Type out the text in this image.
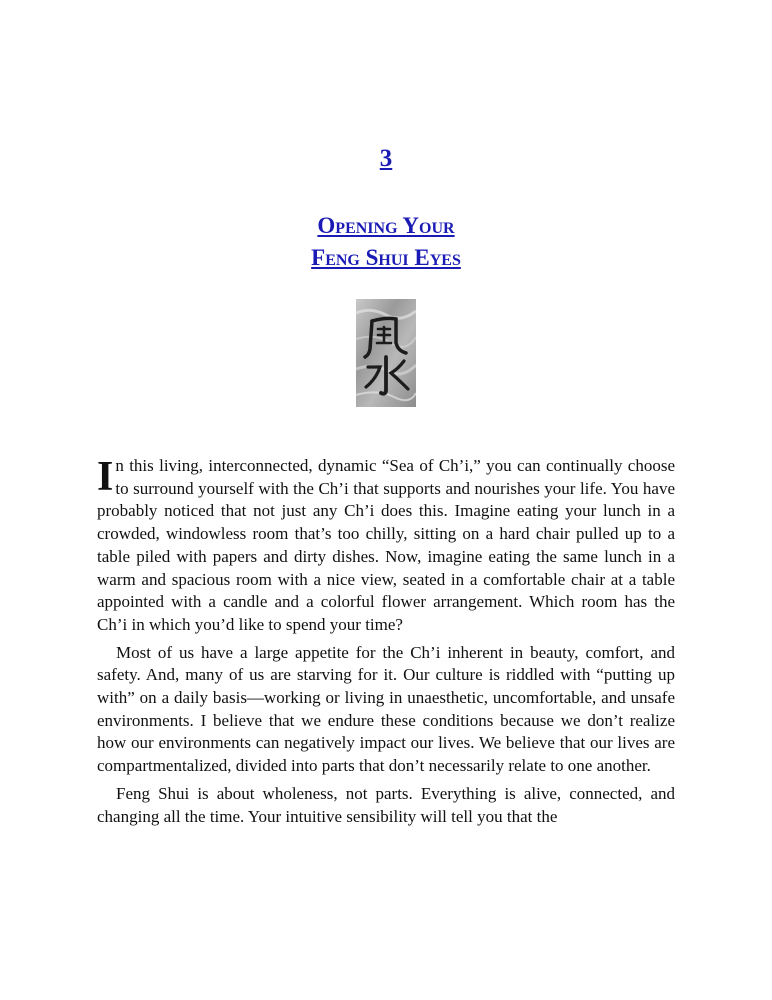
3
Opening Your
Feng Shui Eyes

In this living, interconnected, dynamic “Sea of Ch’i,” you can continually choose to surround yourself with the Ch’i that supports and nourishes your life. You have probably noticed that not just any Ch’i does this. Imagine eating your lunch in a crowded, windowless room that’s too chilly, sitting on a hard chair pulled up to a table piled with papers and dirty dishes. Now, imagine eating the same lunch in a warm and spacious room with a nice view, seated in a comfortable chair at a table appointed with a candle and a colorful flower arrangement. Which room has the Ch’i in which you’d like to spend your time?

Most of us have a large appetite for the Ch’i inherent in beauty, comfort, and safety. And, many of us are starving for it. Our culture is riddled with “putting up with” on a daily basis—working or living in unaesthetic, uncomfortable, and unsafe environments. I believe that we endure these conditions because we don’t realize how our environments can negatively impact our lives. We believe that our lives are compartmentalized, divided into parts that don’t necessarily relate to one another.

Feng Shui is about wholeness, not parts. Everything is alive, connected, and changing all the time. Your intuitive sensibility will tell you that the
